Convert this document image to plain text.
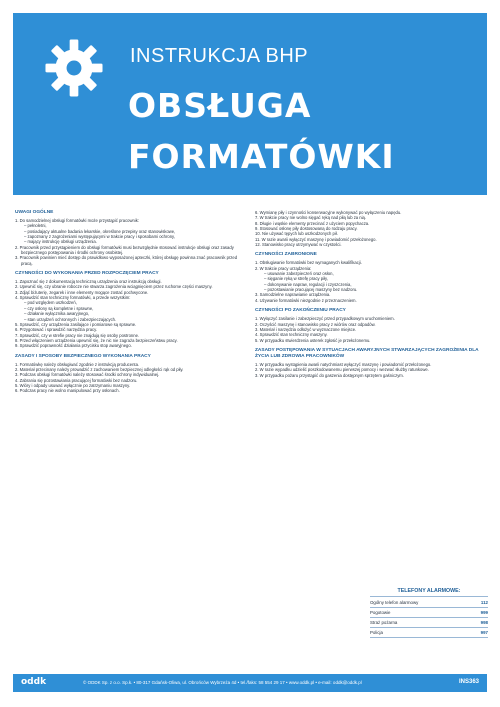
INSTRUKCJA BHP
OBSŁUGA
FORMATÓWKI
UWAGI OGÓLNE
1. Do samodzielnej obsługi formatówki może przystąpić pracownik:
– pełnoletni,
– posiadający aktualne badania lekarskie, określone przepisy oraz stanowiskowe,
– zapoznany z zagrożeniami występującymi w trakcie pracy i sposobami ochrony,
– mający instrukcję obsługi urządzenia.
2. Pracownik przed przystąpieniem do obsługi formatówki musi bezwzględnie stosować instrukcje obsługi oraz zasady bezpiecznego postępowania i środki ochrony osobistej.
3. Pracownik powinien mieć dostęp do prawidłowo wyposażonej apteczki, której obsługę powinna znać pracownik przed pracą.
CZYNNOŚCI DO WYKONANIA PRZED ROZPOCZĘCIEM PRACY
1. Zapoznać się z dokumentacją techniczną urządzenia oraz instrukcją obsługi.
2. Upewnić się, czy ubranie robocze nie stwarza zagrożenia wciągnięciem przez ruchome części maszyny.
3. Zdjąć biżuterię, zegarek i inne elementy mogące zostać pochwycone.
4. Sprawdzić stan techniczny formatówki, a przede wszystkim:
– pod względem uszkodzeń,
– czy osłony są kompletne i sprawne,
– działanie wyłącznika awaryjnego,
– stan urządzeń ochronnych i zabezpieczających.
5. Sprawdzić, czy urządzenia zasilające i pomiarowe są sprawne.
6. Przygotować i sprawdzić narzędzia pracy.
7. Sprawdzić, czy w strefie pracy nie znajdują się osoby postronne.
8. Przed włączeniem urządzenia upewnić się, że nic nie zagraża bezpieczeństwu pracy.
9. Sprawdzić poprawność działania przycisku stop awaryjnego.
ZASADY I SPOSOBY BEZPIECZNEGO WYKONANIA PRACY
1. Formatówkę należy obsługiwać zgodnie z instrukcją producenta.
2. Materiał przecinany należy prowadzić z zachowaniem bezpiecznej odległości rąk od piły.
3. Podczas obsługi formatówki należy stosować środki ochrony indywidualnej.
4. Zabrania się pozostawiania pracującej formatówki bez nadzoru.
5. Wióry i odpady usuwać wyłącznie po zatrzymaniu maszyny.
6. Podczas pracy nie wolno manipulować przy osłonach.
6. Wymianę piły i czynności konserwacyjne wykonywać po wyłączeniu napędu.
7. W trakcie pracy nie wolno sięgać ręką nad piłą lub za nią.
8. Długie i wąskie elementy przecinać z użyciem popychacza.
9. Stosować osłonę piły dostosowaną do rodzaju pracy.
10. Nie używać tępych lub uszkodzonych pił.
11. W razie awarii wyłączyć maszynę i powiadomić przełożonego.
12. Stanowisko pracy utrzymywać w czystości.
CZYNNOŚCI ZABRONIONE
1. Obsługiwanie formatówki bez wymaganych kwalifikacji.
2. W trakcie pracy urządzenia:
– usuwanie zabezpieczeń oraz osłon,
– sięganie ręką w strefę pracy piły,
– dokonywanie napraw, regulacji i czyszczenia,
– pozostawianie pracującej maszyny bez nadzoru.
3. Samodzielne naprawianie urządzenia.
4. Używanie formatówki niezgodnie z przeznaczeniem.
CZYNNOŚCI PO ZAKOŃCZENIU PRACY
1. Wyłączyć zasilanie i zabezpieczyć przed przypadkowym uruchomieniem.
2. Oczyścić maszynę i stanowisko pracy z wiórów oraz odpadów.
3. Materiał i narzędzia odłożyć w wyznaczone miejsce.
4. Sprawdzić stan techniczny maszyny.
5. W przypadku stwierdzenia usterek zgłosić je przełożonemu.
ZASADY POSTĘPOWANIA W SYTUACJACH AWARYJNYCH STWARZAJĄCYCH ZAGROŻENIA DLA ŻYCIA LUB ZDROWIA PRACOWNIKÓW
1. W przypadku wystąpienia awarii natychmiast wyłączyć maszynę i powiadomić przełożonego.
2. W razie wypadku udzielić poszkodowanemu pierwszej pomocy i wezwać służby ratunkowe.
3. W przypadku pożaru przystąpić do gaszenia dostępnym sprzętem gaśniczym.
TELEFONY ALARMOWE:
Ogólny telefon alarmowy	112
Pogotowie	999
Straż pożarna	998
Policja	997
oddk	© ODDK Sp. z o.o. Sp.k. • 80-317 Gdańsk-Oliwa, ul. Obrońców Wybrzeża 4d • tel./faks: 58 554 29 17 • www.oddk.pl • e-mail: oddk@oddk.pl	INS363
